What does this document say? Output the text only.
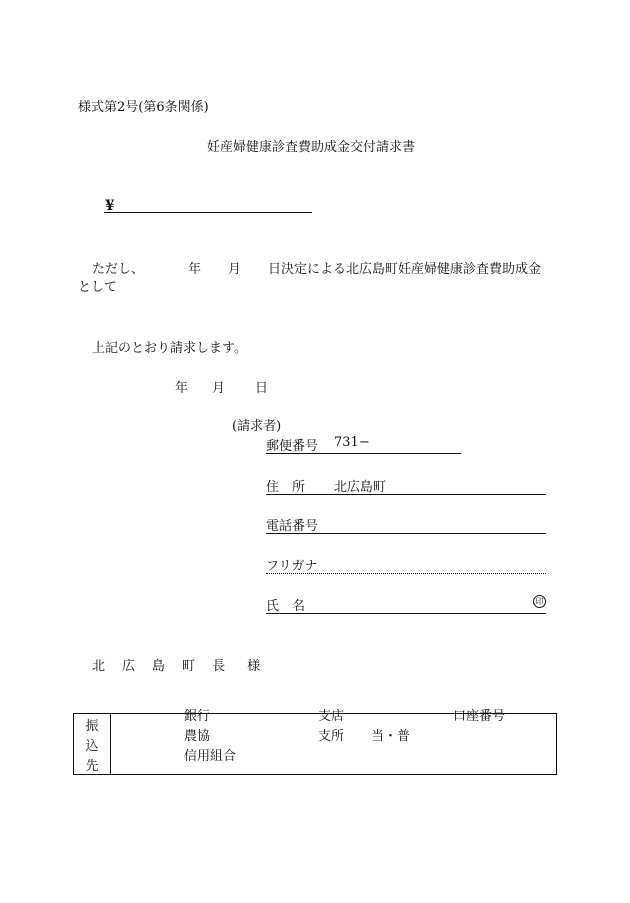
様式第2号(第6条関係)
妊産婦健康診査費助成金交付請求書
¥
ただし、	年 月 日決定による北広島町妊産婦健康診査費助成金
として
上記のとおり請求します。
年 月 日
(請求者)
郵便番号 731−
住　所 北広島町
電話番号
フリガナ
氏　名	印
北 広 島 町 長 様
振	銀行 支店 口座番号

込	農協 支所 当・普

先	信用組合
